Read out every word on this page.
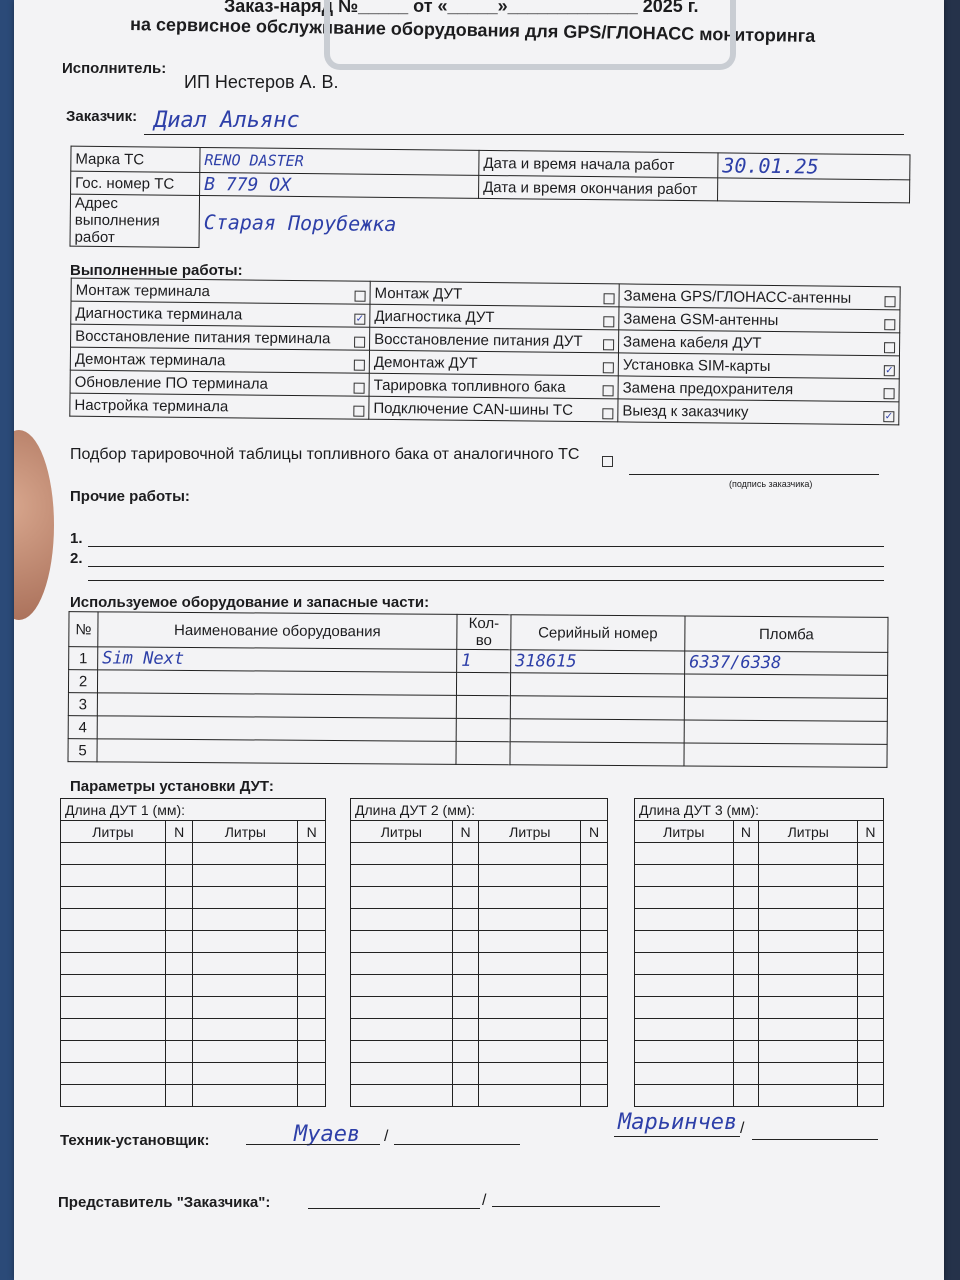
Заказ-наряд №_____ от «_____»_____________ 2025 г.
на сервисное обслуживание оборудования для GPS/ГЛОНАСС мониторинга
Исполнитель:
ИП Нестеров А. В.
Заказчик: Диал Альянс
Марка ТС	RENO DASTER	Дата и время начала работ	30.01.25
Гос. номер ТС	В 779 ОХ	Дата и время окончания работ	
Адрес выполнения работ	Старая Порубежка		
Выполненные работы:
Монтаж терминала	Монтаж ДУТ	Замена GPS/ГЛОНАСС-антенны

Диагностика терминала ✓	Диагностика ДУТ	Замена GSM-антенны

Восстановление питания терминала	Восстановление питания ДУТ	Замена кабеля ДУТ

Демонтаж терминала	Демонтаж ДУТ	Установка SIM-карты ✓

Обновление ПО терминала	Тарировка топливного бака	Замена предохранителя

Настройка терминала	Подключение CAN-шины ТС	Выезд к заказчику ✓
Подбор тарировочной таблицы топливного бака от аналогичного ТС
(подпись заказчика)
Прочие работы:
1.
2.
Используемое оборудование и запасные части:
№	Наименование оборудования	Кол-во	Серийный номер	Пломба
1	Sim Next	1	318615	6337/6338
2				
3				
4				
5				
Параметры установки ДУТ:
Длина ДУТ 1 (мм):			
Литры	N	Литры	N

Длина ДУТ 2 (мм):			
Литры	N	Литры	N

Длина ДУТ 3 (мм):			
Литры	N	Литры	N

Техник-установщик:	Муаев /
Марьинчев /
Представитель "Заказчика":	/
